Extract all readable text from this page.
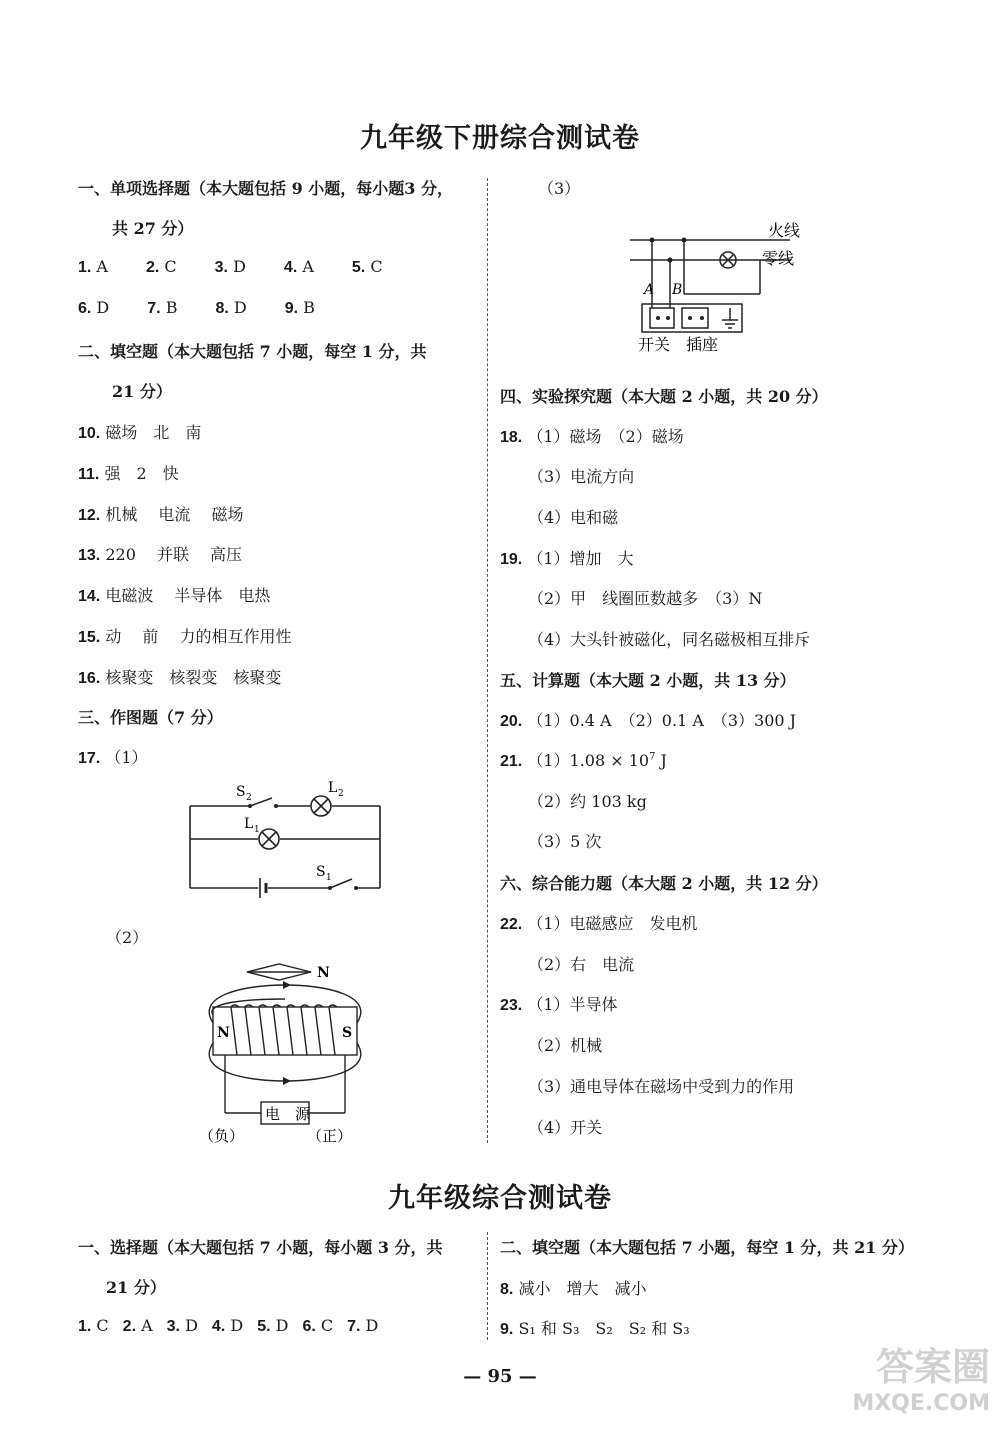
九年级下册综合测试卷
一、单项选择题（本大题包括 9 小题，每小题3 分，
共 27 分）
1. A 2. C 3. D 4. A 5. C
6. D 7. B 8. D 9. B
二、填空题（本大题包括 7 小题，每空 1 分，共
21 分）
10. 磁场　北　南
11. 强　2　快
12. 机械　 电流　 磁场
13. 220　 并联　 高压
14. 电磁波　 半导体　电热
15. 动　 前　 力的相互作用性
16. 核聚变　核裂变　核聚变
三、作图题（7 分）
17. （1）
S 2
L 2
L 1
S 1
（2）
N
N	S
电　源
（负）	（正）
（3）
火线
零线
A B
开关 插座
四、实验探究题（本大题 2 小题，共 20 分）
18. （1）磁场　（2）磁场
（3）电流方向
（4）电和磁
19. （1）增加　大
（2）甲　线圈匝数越多　（3）N
（4）大头针被磁化，同名磁极相互排斥
五、计算题（本大题 2 小题，共 13 分）
20. （1）0.4 A　（2）0.1 A　（3）300 J
21. $(1)1.08 \times 10^7$ J
（2）约 103 kg
（3）5 次
六、综合能力题（本大题 2 小题，共 12 分）
22. （1）电磁感应　发电机
（2）右　电流
23. （1）半导体
（2）机械
（3）通电导体在磁场中受到力的作用
（4）开关
九年级综合测试卷
一、选择题（本大题包括 7 小题，每小题 3 分，共
21 分）
1. C 2. A 3. D 4. D 5. D 6. C 7. D
二、填空题（本大题包括 7 小题，每空 1 分，共 21 分）
8. 减小　增大　减小
9. S₁ 和 S₃　S₂　S₂ 和 S₃
— 95 —	答案圈
MXQE.COM
